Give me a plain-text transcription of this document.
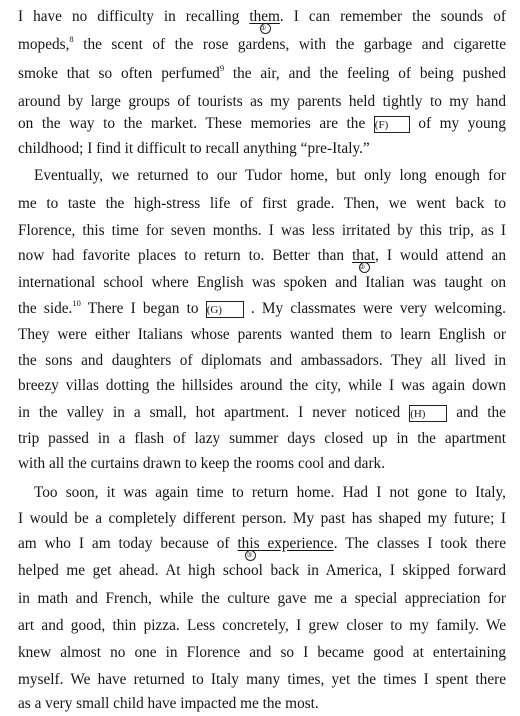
I have no difficulty in recalling them
①
. I can remember the sounds of
mopeds,$^8$ the scent of the rose gardens, with the garbage and cigarette
smoke that so often perfumed$^9$ the air, and the feeling of being pushed
around by large groups of tourists as my parents held tightly to my hand
on the way to the market. These memories are the (F) of my young
childhood; I find it difficult to recall anything “pre-Italy.”
Eventually, we returned to our Tudor home, but only long enough for
me to taste the high-stress life of first grade. Then, we went back to
Florence, this time for seven months. I was less irritated by this trip, as I
now had favorite places to return to. Better than that
②
, I would attend an
international school where English was spoken and Italian was taught on
the side.$^{10}$ There I began to (G) . My classmates were very welcoming.
They were either Italians whose parents wanted them to learn English or
the sons and daughters of diplomats and ambassadors. They all lived in
breezy villas dotting the hillsides around the city, while I was again down
in the valley in a small, hot apartment. I never noticed (H) and the
trip passed in a flash of lazy summer days closed up in the apartment
with all the curtains drawn to keep the rooms cool and dark.
Too soon, it was again time to return home. Had I not gone to Italy,
I would be a completely different person. My past has shaped my future; I
am who I am today because of this experience
③
. The classes I took there
helped me get ahead. At high school back in America, I skipped forward
in math and French, while the culture gave me a special appreciation for
art and good, thin pizza. Less concretely, I grew closer to my family. We
knew almost no one in Florence and so I became good at entertaining
myself. We have returned to Italy many times, yet the times I spent there
as a very small child have impacted me the most.
